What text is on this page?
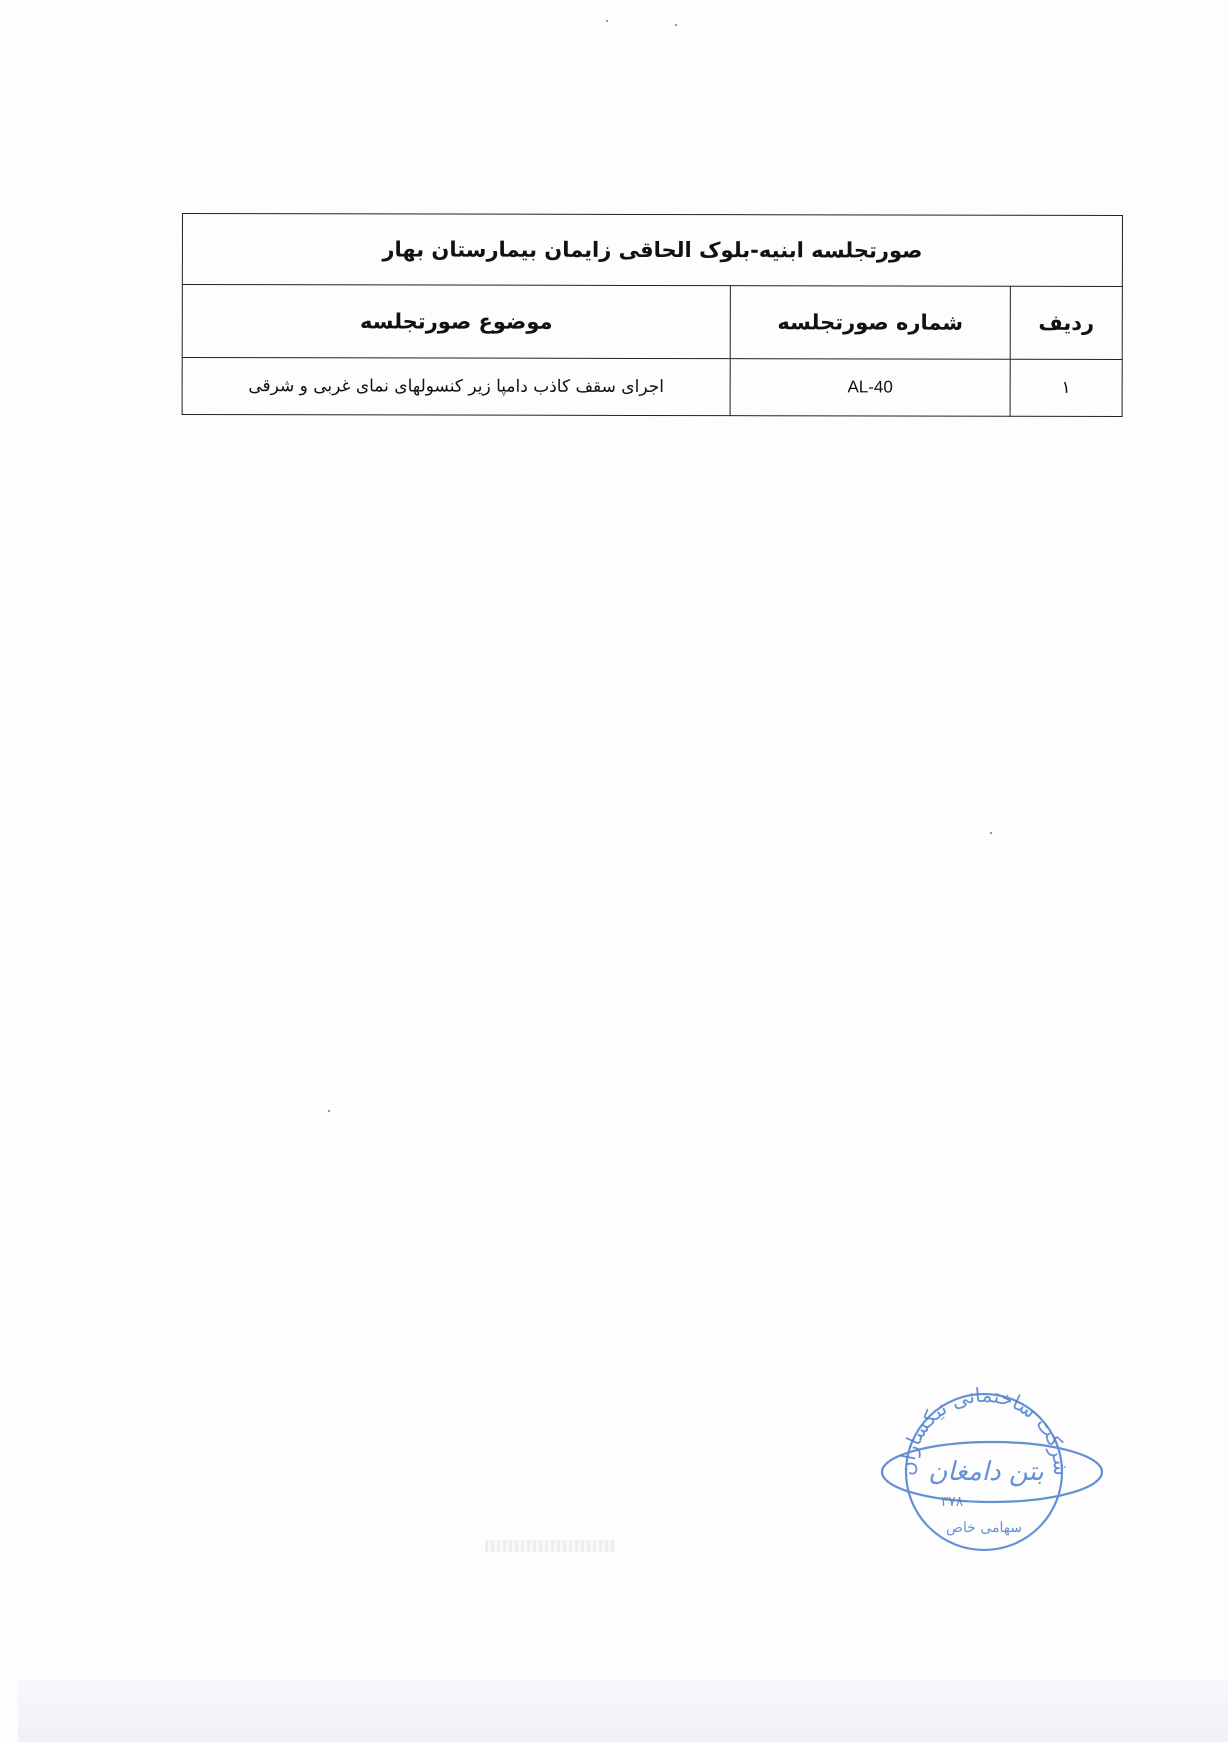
صورتجلسه ابنیه-بلوک الحاقی زایمان بیمارستان بهار		
ردیف	شماره صورتجلسه	موضوع صورتجلسه
۱	AL-40	اجرای سقف کاذب دامپا زیر کنسولهای نمای غربی و شرقی
شرکت ساختمانی نیکسازان
بتن دامغان
۳۷۸
سهامی خاص
